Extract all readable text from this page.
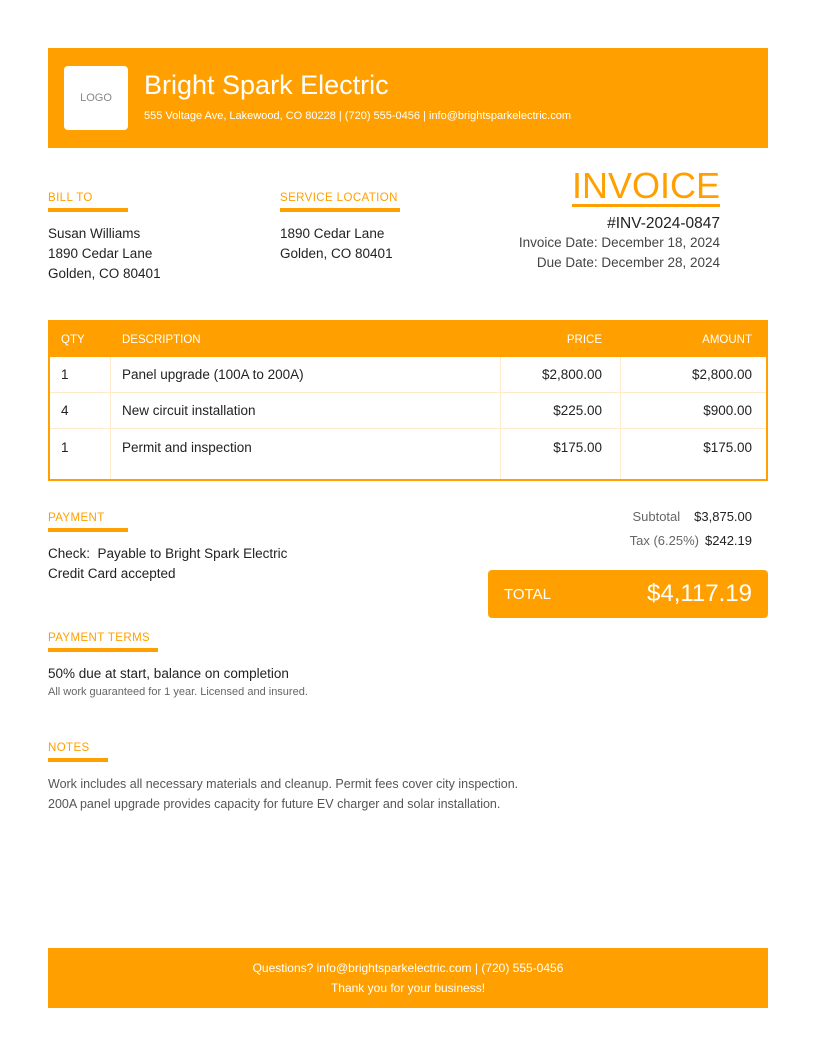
LOGO	Bright Spark Electric
555 Voltage Ave, Lakewood, CO 80228 | (720) 555-0456 | info@brightsparkelectric.com
BILL TO
Susan Williams
1890 Cedar Lane
Golden, CO 80401
SERVICE LOCATION
1890 Cedar Lane
Golden, CO 80401
INVOICE
#INV-2024-0847
Invoice Date: December 18, 2024
Due Date: December 28, 2024
QTY	DESCRIPTION	PRICE	AMOUNT
1	Panel upgrade (100A to 200A)	$2,800.00	$2,800.00
4	New circuit installation	$225.00	$900.00
1	Permit and inspection	$175.00	$175.00
PAYMENT
Check:  Payable to Bright Spark Electric
Credit Card accepted
Subtotal $3,875.00
Tax (6.25%) $242.19
TOTAL	$4,117.19
PAYMENT TERMS
50% due at start, balance on completion
All work guaranteed for 1 year. Licensed and insured.
NOTES
Work includes all necessary materials and cleanup. Permit fees cover city inspection.
200A panel upgrade provides capacity for future EV charger and solar installation.
Questions? info@brightsparkelectric.com | (720) 555-0456
Thank you for your business!
